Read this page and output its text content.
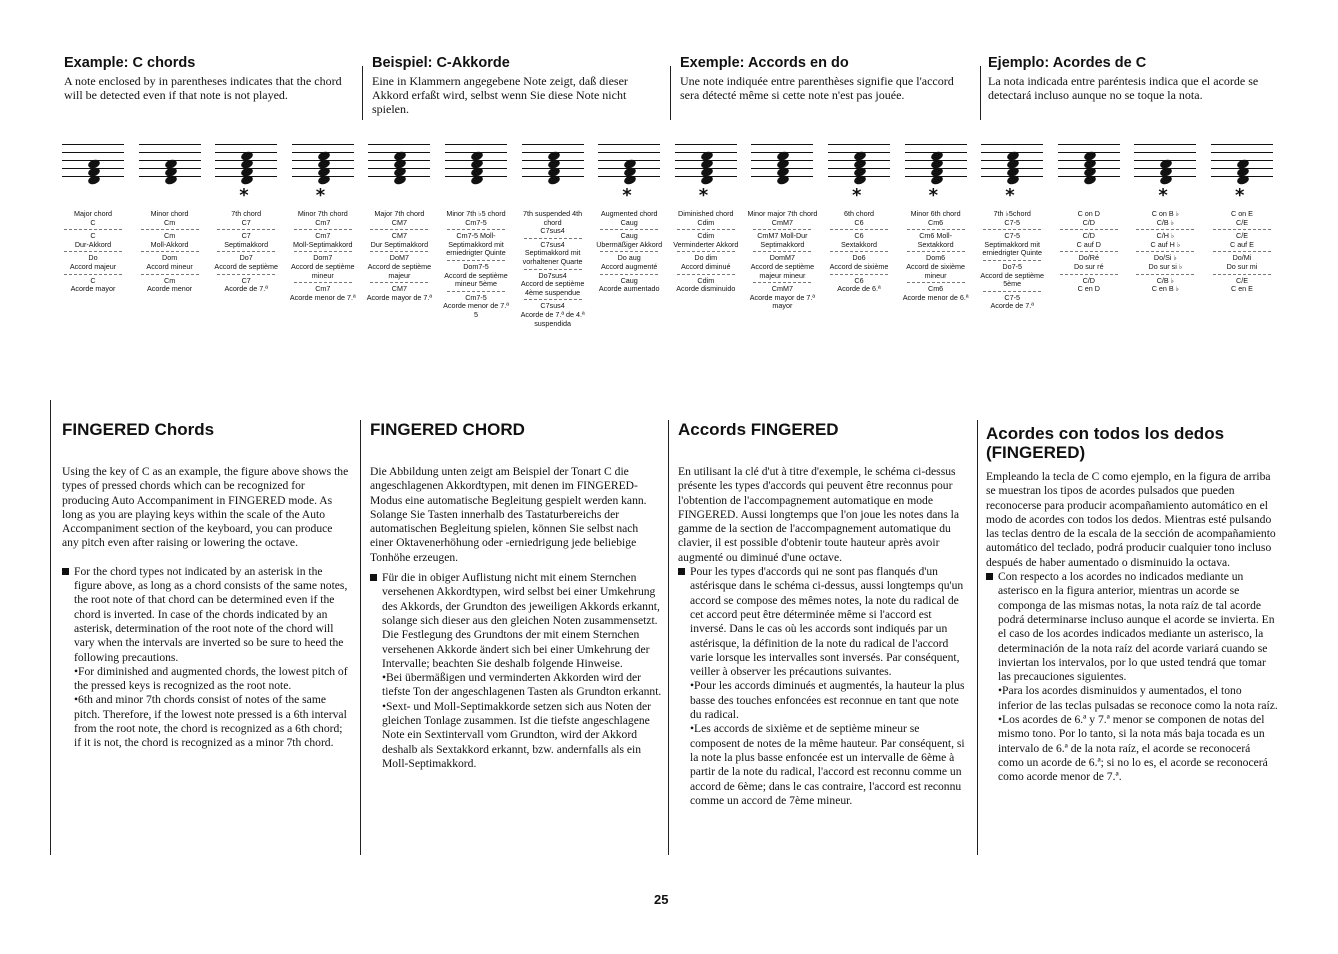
Example: C chords

A note enclosed by in parentheses indicates that the chord will be detected even if that note is not played.

Beispiel: C-Akkorde

Eine in Klammern angegebene Note zeigt, daß dieser Akkord erfaßt wird, selbst wenn Sie diese Note nicht spielen.

Exemple: Accords en do

Une note indiquée entre parenthèses signifie que l'accord sera détecté même si cette note n'est pas jouée.

Ejemplo: Acordes de C

La nota indicada entre paréntesis indica que el acorde se detectará incluso aunque no se toque la nota.

Major chord
C
C
Dur-Akkord
Do
Accord majeur
C
Acorde mayor
Minor chord
Cm
Cm
Moll-Akkord
Dom
Accord mineur
Cm
Acorde menor
*
7th chord
C7
C7
Septimakkord
Do7
Accord de septième
C7
Acorde de 7.ª
*
Minor 7th chord
Cm7
Cm7
Moll-Septimakkord
Dom7
Accord de septième mineur
Cm7
Acorde menor de 7.ª
Major 7th chord
CM7
CM7
Dur Septimakkord
DoM7
Accord de septième majeur
CM7
Acorde mayor de 7.ª
Minor 7th ♭5 chord
Cm7-5
Cm7-5 Moll-
Septimakkord mit erniedrigter Quinte
Dom7-5
Accord de septième mineur 5ème
Cm7-5
Acorde menor de 7.ª 5
7th suspended 4th chord
C7sus4
C7sus4
Septimakkord mit vorhaltener Quarte
Do7sus4
Accord de septième 4ème suspendue
C7sus4
Acorde de 7.ª de 4.ª suspendida
*
Augmented chord
Caug
Caug
Übermäßiger Akkord
Do aug
Accord augmenté
Caug
Acorde aumentado
*
Diminished chord
Cdim
Cdim
Verminderter Akkord
Do dim
Accord diminué
Cdim
Acorde disminuido
Minor major 7th chord
CmM7
CmM7 Moll-Dur
Septimakkord
DomM7
Accord de septième majeur mineur
CmM7
Acorde mayor de 7.ª mayor
*
6th chord
C6
C6
Sextakkord
Do6
Accord de sixième
C6
Acorde de 6.ª
*
Minor 6th chord
Cm6
Cm6 Moll-
Sextakkord
Dom6
Accord de sixième mineur
Cm6
Acorde menor de 6.ª
*
7th ♭5chord
C7-5
C7-5
Septimakkord mit erniedrigter Quinte
Do7-5
Accord de septième 5ème
C7-5
Acorde de 7.ª
C on D
C/D
C/D
C auf D
Do/Ré
Do sur ré
C/D
C en D
*
C on B ♭
C/B ♭
C/H ♭
C auf H ♭
Do/Si ♭
Do sur si ♭
C/B ♭
C en B ♭
*
C on E
C/E
C/E
C auf E
Do/Mi
Do sur mi
C/E
C en E
FINGERED Chords

Using the key of C as an example, the figure above shows the types of pressed chords which can be recognized for producing Auto Accompaniment in FINGERED mode. As long as you are playing keys within the scale of the Auto Accompaniment section of the keyboard, you can produce any pitch even after raising or lowering the octave.

For the chord types not indicated by an asterisk in the figure above, as long as a chord consists of the same notes, the root note of that chord can be determined even if the chord is inverted. In case of the chords indicated by an asterisk, determination of the root note of the chord will vary when the intervals are inverted so be sure to heed the following precautions.

•For diminished and augmented chords, the lowest pitch of the pressed keys is recognized as the root note.

•6th and minor 7th chords consist of notes of the same pitch. Therefore, if the lowest note pressed is a 6th interval from the root note, the chord is recognized as a 6th chord; if it is not, the chord is recognized as a minor 7th chord.

FINGERED CHORD

Die Abbildung unten zeigt am Beispiel der Tonart C die angeschlagenen Akkordtypen, mit denen im FINGERED-Modus eine automatische Begleitung gespielt werden kann. Solange Sie Tasten innerhalb des Tastaturbereichs der automatischen Begleitung spielen, können Sie selbst nach einer Oktavenerhöhung oder -erniedrigung jede beliebige Tonhöhe erzeugen.

Für die in obiger Auflistung nicht mit einem Sternchen versehenen Akkordtypen, wird selbst bei einer Umkehrung des Akkords, der Grundton des jeweiligen Akkords erkannt, solange sich dieser aus den gleichen Noten zusammensetzt. Die Festlegung des Grundtons der mit einem Sternchen versehenen Akkorde ändert sich bei einer Umkehrung der Intervalle; beachten Sie deshalb folgende Hinweise.

•Bei übermäßigen und verminderten Akkorden wird der tiefste Ton der angeschlagenen Tasten als Grundton erkannt.

•Sext- und Moll-Septimakkorde setzen sich aus Noten der gleichen Tonlage zusammen. Ist die tiefste angeschlagene Note ein Sextintervall vom Grundton, wird der Akkord deshalb als Sextakkord erkannt, bzw. andernfalls als ein Moll-Septimakkord.

Accords FINGERED

En utilisant la clé d'ut à titre d'exemple, le schéma ci-dessus présente les types d'accords qui peuvent être reconnus pour l'obtention de l'accompagnement automatique en mode FINGERED. Aussi longtemps que l'on joue les notes dans la gamme de la section de l'accompagnement automatique du clavier, il est possible d'obtenir toute hauteur après avoir augmenté ou diminué d'une octave.

Pour les types d'accords qui ne sont pas flanqués d'un astérisque dans le schéma ci-dessus, aussi longtemps qu'un accord se compose des mêmes notes, la note du radical de cet accord peut être déterminée même si l'accord est inversé. Dans le cas où les accords sont indiqués par un astérisque, la définition de la note du radical de l'accord varie lorsque les intervalles sont inversés. Par conséquent, veiller à observer les précautions suivantes.

•Pour les accords diminués et augmentés, la hauteur la plus basse des touches enfoncées est reconnue en tant que note du radical.

•Les accords de sixième et de septième mineur se composent de notes de la même hauteur. Par conséquent, si la note la plus basse enfoncée est un intervalle de 6ème à partir de la note du radical, l'accord est reconnu comme un accord de 6ème; dans le cas contraire, l'accord est reconnu comme un accord de 7ème mineur.

Acordes con todos los dedos (FINGERED)

Empleando la tecla de C como ejemplo, en la figura de arriba se muestran los tipos de acordes pulsados que pueden reconocerse para producir acompañamiento automático en el modo de acordes con todos los dedos. Mientras esté pulsando las teclas dentro de la escala de la sección de acompañamiento automático del teclado, podrá producir cualquier tono incluso después de haber aumentado o disminuido la octava.

Con respecto a los acordes no indicados mediante un asterisco en la figura anterior, mientras un acorde se componga de las mismas notas, la nota raíz de tal acorde podrá determinarse incluso aunque el acorde se invierta. En el caso de los acordes indicados mediante un asterisco, la determinación de la nota raíz del acorde variará cuando se inviertan los intervalos, por lo que usted tendrá que tomar las precauciones siguientes.

•Para los acordes disminuidos y aumentados, el tono inferior de las teclas pulsadas se reconoce como la nota raíz.

•Los acordes de 6.ª y 7.ª menor se componen de notas del mismo tono. Por lo tanto, si la nota más baja tocada es un intervalo de 6.ª de la nota raíz, el acorde se reconocerá como un acorde de 6.ª; si no lo es, el acorde se reconocerá como acorde menor de 7.ª.

25
